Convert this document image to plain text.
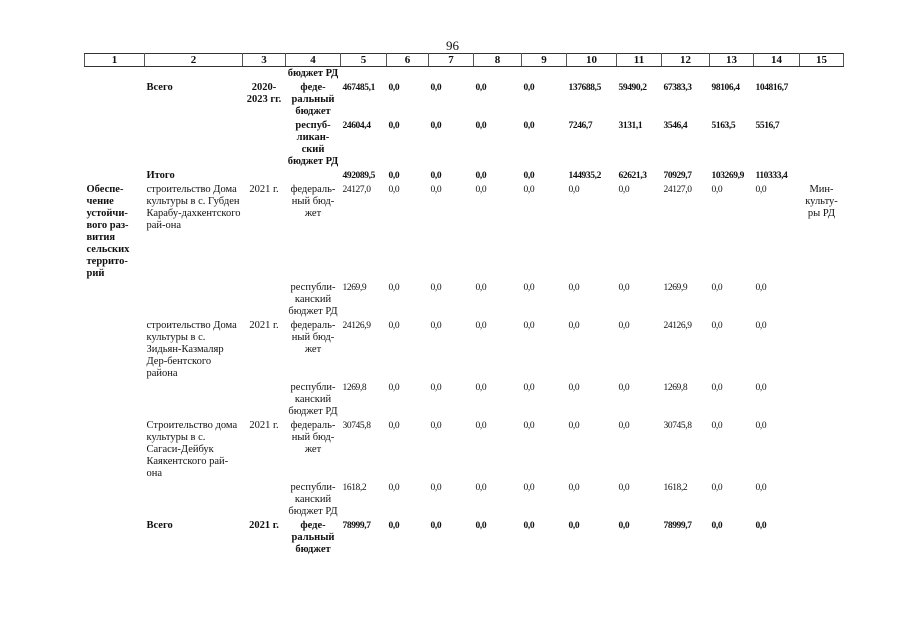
96
1	2	3	4	5	6	7	8	9	10	11	12	13	14	15
			бюджет РД											
	Всего	2020-2023 гг.	феде-ральный бюджет	467485,1	0,0	0,0	0,0	0,0	137688,5	59490,2	67383,3	98106,4	104816,7	
			респуб-ликан-ский бюджет РД	24604,4	0,0	0,0	0,0	0,0	7246,7	3131,1	3546,4	5163,5	5516,7	
	Итого			492089,5	0,0	0,0	0,0	0,0	144935,2	62621,3	70929,7	103269,9	110333,4	
Обеспе-чение устойчи-вого раз-вития сельских террито-рий	строительство Дома культуры в с. Губден Карабу-дахкентского рай-она	2021 г.	федераль-ный бюд-жет	24127,0	0,0	0,0	0,0	0,0	0,0	0,0	24127,0	0,0	0,0	Мин-культу-ры РД
			республи-канский бюджет РД	1269,9	0,0	0,0	0,0	0,0	0,0	0,0	1269,9	0,0	0,0	
	строительство Дома культуры в с. Зидьян-Казмаляр Дер-бентского района	2021 г.	федераль-ный бюд-жет	24126,9	0,0	0,0	0,0	0,0	0,0	0,0	24126,9	0,0	0,0	
			республи-канский бюджет РД	1269,8	0,0	0,0	0,0	0,0	0,0	0,0	1269,8	0,0	0,0	
	Строительство дома культуры в с. Сагаси-Дейбук Каякентского рай-она	2021 г.	федераль-ный бюд-жет	30745,8	0,0	0,0	0,0	0,0	0,0	0,0	30745,8	0,0	0,0	
			республи-канский бюджет РД	1618,2	0,0	0,0	0,0	0,0	0,0	0,0	1618,2	0,0	0,0	
	Всего	2021 г.	феде-ральный бюджет	78999,7	0,0	0,0	0,0	0,0	0,0	0,0	78999,7	0,0	0,0	
